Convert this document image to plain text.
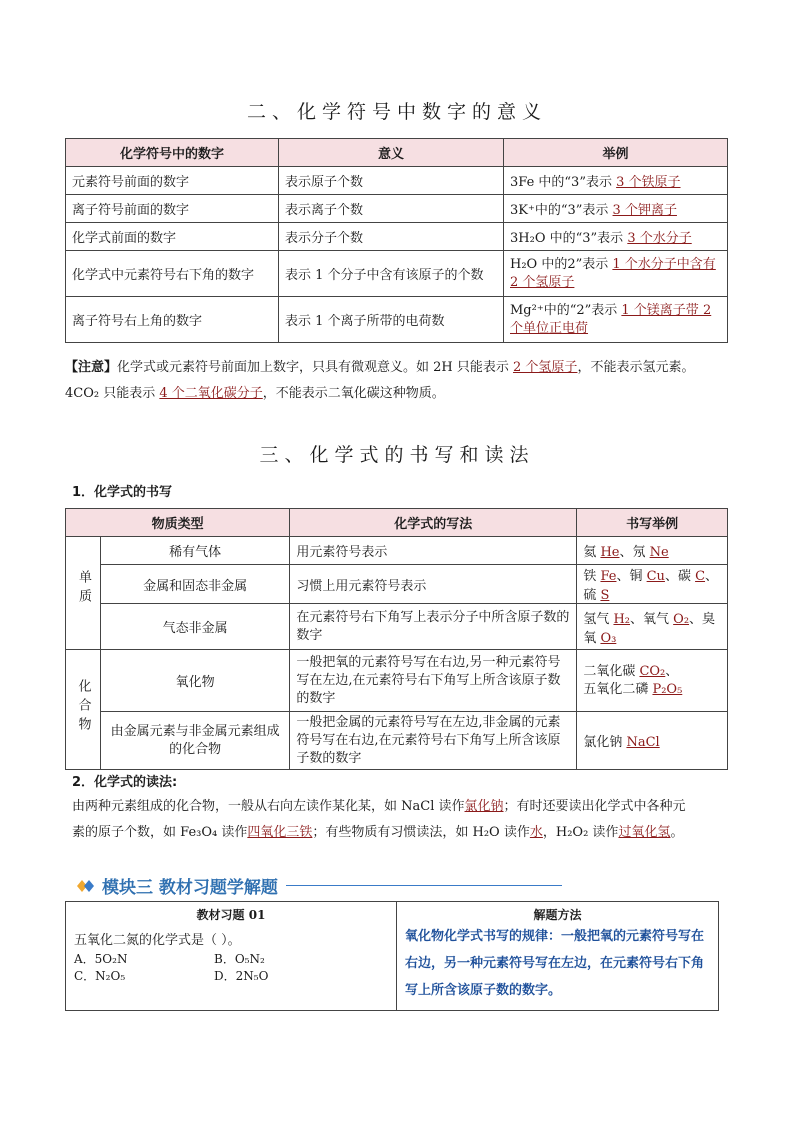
二、化学符号中数字的意义
化学符号中的数字	意义	举例
元素符号前面的数字	表示原子个数	3Fe 中的“3”表示 3 个铁原子
离子符号前面的数字	表示离子个数	3K⁺中的“3”表示 3 个钾离子
化学式前面的数字	表示分子个数	3H₂O 中的“3”表示 3 个水分子
化学式中元素符号右下角的数字	表示 1 个分子中含有该原子的个数	H₂O 中的2”表示 1 个水分子中含有 2 个氢原子
离子符号右上角的数字	表示 1 个离子所带的电荷数	Mg²⁺中的“2”表示 1 个镁离子带 2 个单位正电荷
【注意】化学式或元素符号前面加上数字，只具有微观意义。如 2H 只能表示 2 个氢原子，不能表示氢元素。
4CO₂ 只能表示 4 个二氧化碳分子，不能表示二氧化碳这种物质。
三、化学式的书写和读法
1．化学式的书写
物质类型		化学式的写法	书写举例
单质	稀有气体	用元素符号表示	氦 He、氖 Ne
	金属和固态非金属	习惯上用元素符号表示	铁 Fe、铜 Cu、碳 C、硫 S
	气态非金属	在元素符号右下角写上表示分子中所含原子数的数字	氢气 H₂、氧气 O₂、臭氧 O₃
化合物	氧化物	一般把氧的元素符号写在右边,另一种元素符号写在左边,在元素符号右下角写上所含该原子数的数字	二氧化碳 CO₂、
五氧化二磷 P₂O₅
	由金属元素与非金属元素组成的化合物	一般把金属的元素符号写在左边,非金属的元素符号写在右边,在元素符号右下角写上所含该原子数的数字	氯化钠 NaCl
2．化学式的读法:
由两种元素组成的化合物，一般从右向左读作某化某，如 NaCl 读作氯化钠；有时还要读出化学式中各种元
素的原子个数，如 Fe₃O₄ 读作四氧化三铁；有些物质有习惯读法，如 H₂O 读作水，H₂O₂ 读作过氧化氢。
模块三 教材习题学解题
教材习题 01
五氧化二氮的化学式是（ ）。
A．5O₂N	B．O₅N₂
C．N₂O₅	D．2N₅O

解题方法
氧化物化学式书写的规律：一般把氧的元素符号写在右边，另一种元素符号写在左边，在元素符号右下角写上所含该原子数的数字。
